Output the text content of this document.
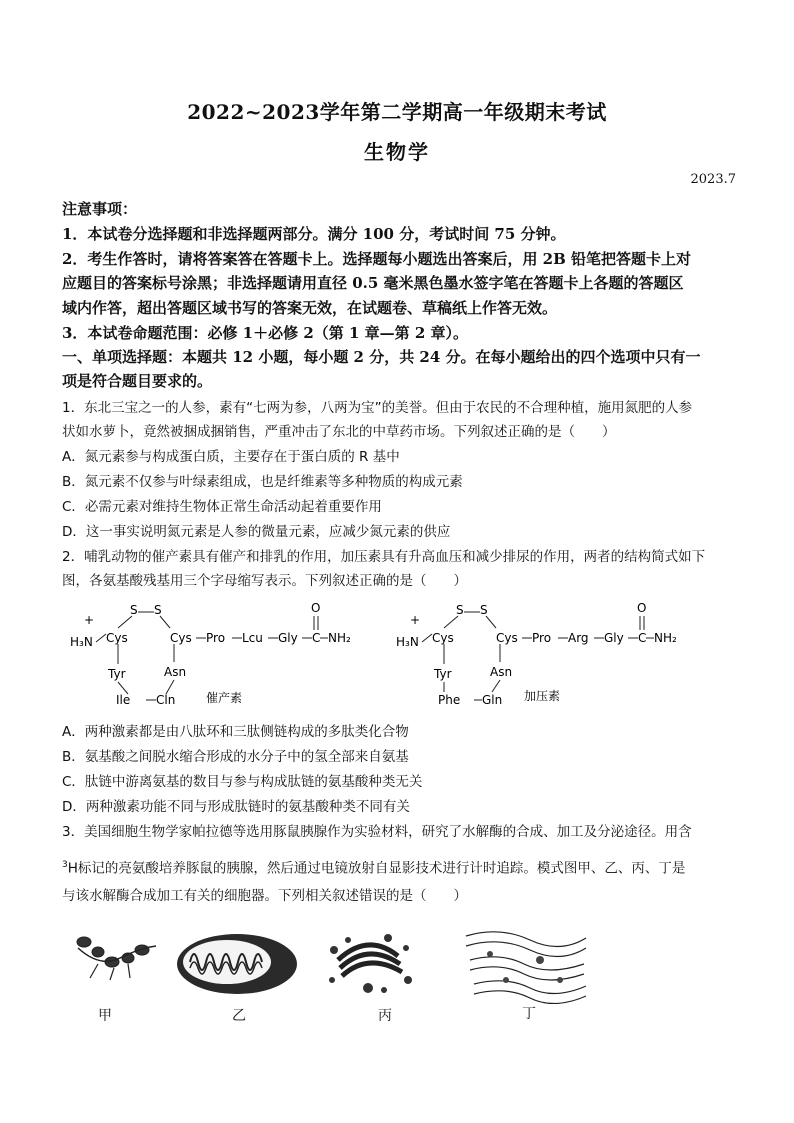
2022~2023学年第二学期高一年级期末考试
生物学
2023.7
注意事项：
1．本试卷分选择题和非选择题两部分。满分 100 分，考试时间 75 分钟。
2．考生作答时，请将答案答在答题卡上。选择题每小题选出答案后，用 2B 铅笔把答题卡上对
应题目的答案标号涂黑；非选择题请用直径 0.5 毫米黑色墨水签字笔在答题卡上各题的答题区
域内作答，超出答题区域书写的答案无效，在试题卷、草稿纸上作答无效。
3．本试卷命题范围：必修 1＋必修 2（第 1 章—第 2 章）。
一、单项选择题：本题共 12 小题，每小题 2 分，共 24 分。在每小题给出的四个选项中只有一
项是符合题目要求的。
1．东北三宝之一的人参，素有“七两为参，八两为宝”的美誉。但由于农民的不合理种植，施用氮肥的人参
状如水萝卜，竟然被捆成捆销售，严重冲击了东北的中草药市场。下列叙述正确的是（　　）
A．氮元素参与构成蛋白质，主要存在于蛋白质的 R 基中
B．氮元素不仅参与叶绿素组成，也是纤维素等多种物质的构成元素
C．必需元素对维持生物体正常生命活动起着重要作用
D．这一事实说明氮元素是人参的微量元素，应减少氮元素的供应
2．哺乳动物的催产素具有催产和排乳的作用，加压素具有升高血压和减少排尿的作用，两者的结构简式如下
图，各氨基酸残基用三个字母缩写表示。下列叙述正确的是（　　）
H₃N
+
S S
Cys	Cys
Asn
Tyr
Ile Cln
Pro Lcu Gly C
O
NH₂
催产素
H₃N
+
S S
Cys	Cys
Asn
Tyr
Phe Gln
Pro Arg Gly C
O
NH₂
加压素
A．两种激素都是由八肽环和三肽侧链构成的多肽类化合物
B．氨基酸之间脱水缩合形成的水分子中的氢全部来自氨基
C．肽链中游离氨基的数目与参与构成肽链的氨基酸种类无关
D．两种激素功能不同与形成肽链时的氨基酸种类不同有关
3．美国细胞生物学家帕拉德等选用豚鼠胰腺作为实验材料，研究了水解酶的合成、加工及分泌途径。用含
$^3$H标记的亮氨酸培养豚鼠的胰腺，然后通过电镜放射自显影技术进行计时追踪。模式图甲、乙、丙、丁是
与该水解酶合成加工有关的细胞器。下列相关叙述错误的是（　　）
甲	乙	丙	丁
